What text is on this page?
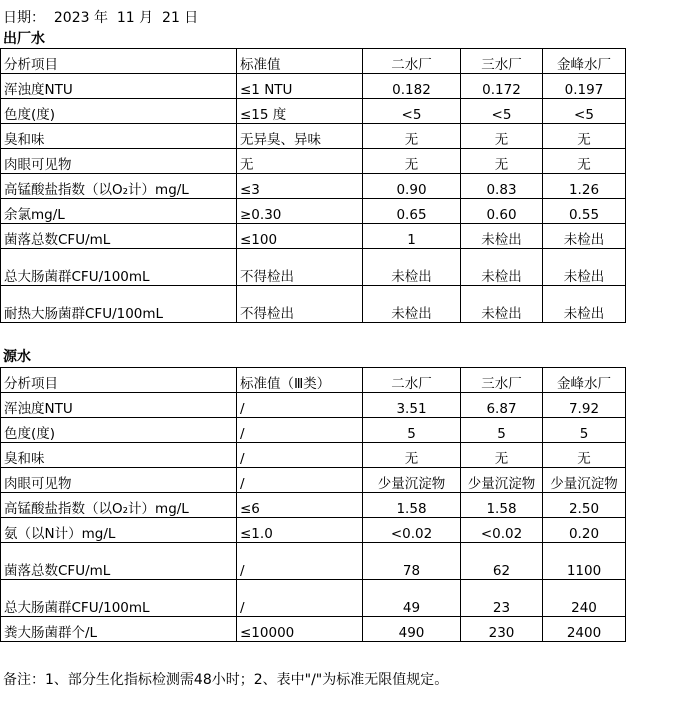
日期：  2023 年  11 月  21 日
出厂水
分析项目	标准值	二水厂	三水厂	金峰水厂
浑浊度NTU	≤1 NTU	0.182	0.172	0.197
色度(度)	≤15 度	<5	<5	<5
臭和味	无异臭、异味	无	无	无
肉眼可见物	无	无	无	无
高锰酸盐指数（以O₂计）mg/L	≤3	0.90	0.83	1.26
余氯mg/L	≥0.30	0.65	0.60	0.55
菌落总数CFU/mL	≤100	1	未检出	未检出
总大肠菌群CFU/100mL	不得检出	未检出	未检出	未检出
耐热大肠菌群CFU/100mL	不得检出	未检出	未检出	未检出
源水
分析项目	标准值（Ⅲ类）	二水厂	三水厂	金峰水厂
浑浊度NTU	/	3.51	6.87	7.92
色度(度)	/	5	5	5
臭和味	/	无	无	无
肉眼可见物	/	少量沉淀物	少量沉淀物	少量沉淀物
高锰酸盐指数（以O₂计）mg/L	≤6	1.58	1.58	2.50
氨（以N计）mg/L	≤1.0	<0.02	<0.02	0.20
菌落总数CFU/mL	/	78	62	1100
总大肠菌群CFU/100mL	/	49	23	240
粪大肠菌群个/L	≤10000	490	230	2400
备注：1、部分生化指标检测需48小时；2、表中"/"为标准无限值规定。
